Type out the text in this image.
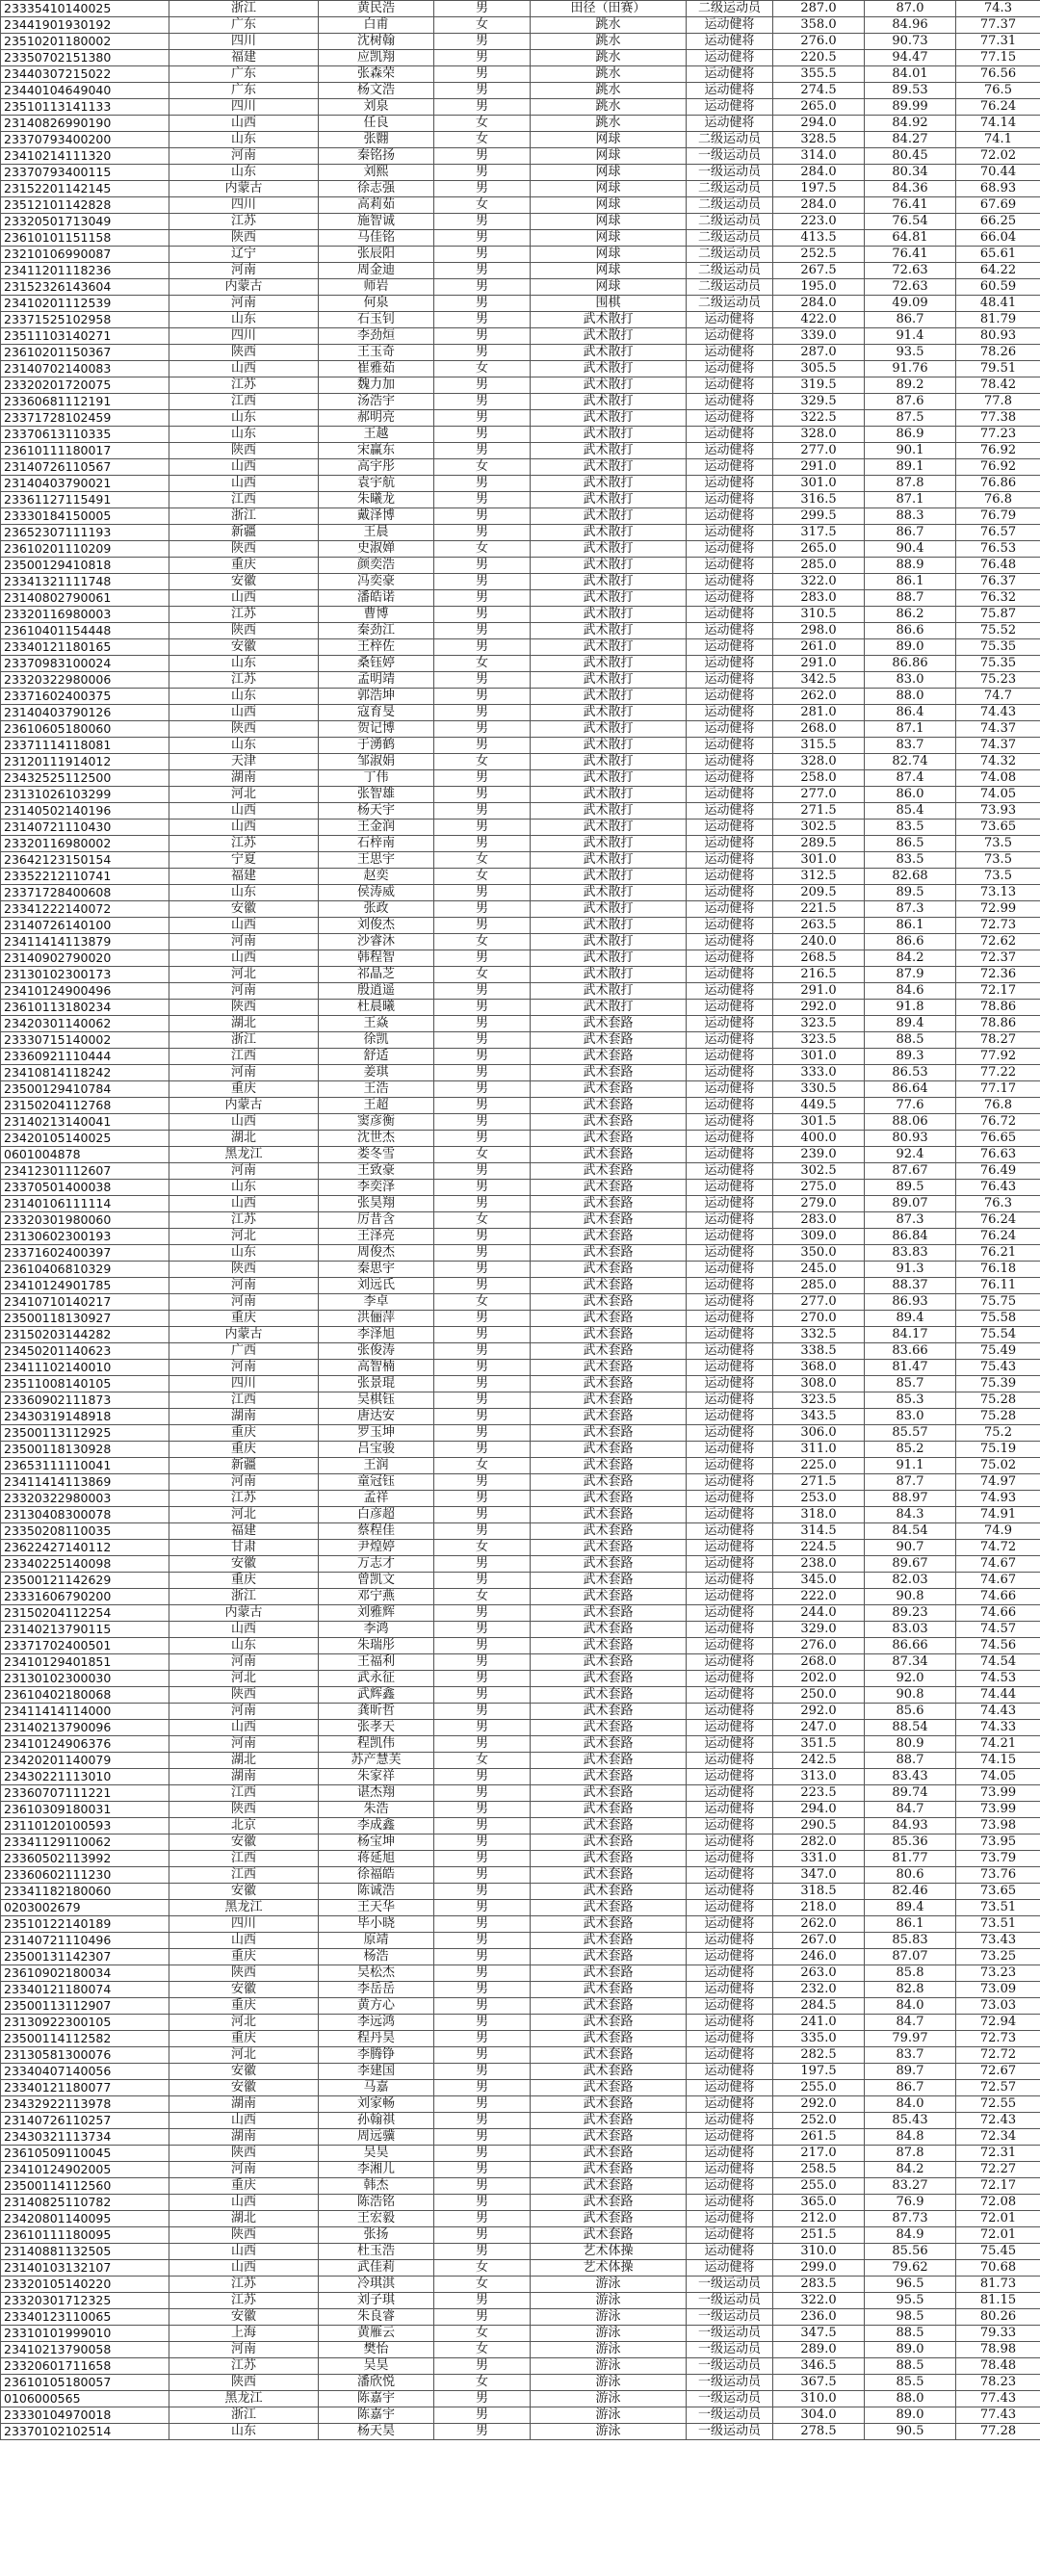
23335410140025	浙江	黄民浩	男	田径（田赛）	二级运动员	287.0	87.0	74.3
23441901930192	广东	白甫	女	跳水	运动健将	358.0	84.96	77.37
23510201180002	四川	沈树翰	男	跳水	运动健将	276.0	90.73	77.31
23350702151380	福建	应凯翔	男	跳水	运动健将	220.5	94.47	77.15
23440307215022	广东	张森荣	男	跳水	运动健将	355.5	84.01	76.56
23440104649040	广东	杨文浩	男	跳水	运动健将	274.5	89.53	76.5
23510113141133	四川	刘泉	男	跳水	运动健将	265.0	89.99	76.24
23140826990190	山西	任良	女	跳水	运动健将	294.0	84.92	74.14
23370793400200	山东	张翾	女	网球	二级运动员	328.5	84.27	74.1
23410214111320	河南	秦铭扬	男	网球	一级运动员	314.0	80.45	72.02
23370793400115	山东	刘熙	男	网球	一级运动员	284.0	80.34	70.44
23152201142145	内蒙古	徐志强	男	网球	二级运动员	197.5	84.36	68.93
23512101142828	四川	高莉茹	女	网球	二级运动员	284.0	76.41	67.69
23320501713049	江苏	施智诚	男	网球	二级运动员	223.0	76.54	66.25
23610101151158	陕西	马佳铭	男	网球	二级运动员	413.5	64.81	66.04
23210106990087	辽宁	张辰阳	男	网球	二级运动员	252.5	76.41	65.61
23411201118236	河南	周金迪	男	网球	二级运动员	267.5	72.63	64.22
23152326143604	内蒙古	师岩	男	网球	二级运动员	195.0	72.63	60.59
23410201112539	河南	何泉	男	围棋	二级运动员	284.0	49.09	48.41
23371525102958	山东	石玉钊	男	武术散打	运动健将	422.0	86.7	81.79
23511103140271	四川	李劲烜	男	武术散打	运动健将	339.0	91.4	80.93
23610201150367	陕西	王玉奇	男	武术散打	运动健将	287.0	93.5	78.26
23140702140083	山西	崔雅茹	女	武术散打	运动健将	305.5	91.76	79.51
23320201720075	江苏	魏力加	男	武术散打	运动健将	319.5	89.2	78.42
23360681112191	江西	汤浩宇	男	武术散打	运动健将	329.5	87.6	77.8
23371728102459	山东	郝明亮	男	武术散打	运动健将	322.5	87.5	77.38
23370613110335	山东	王越	男	武术散打	运动健将	328.0	86.9	77.23
23610111180017	陕西	宋赢东	男	武术散打	运动健将	277.0	90.1	76.92
23140726110567	山西	高宇彤	女	武术散打	运动健将	291.0	89.1	76.92
23140403790021	山西	袁宇航	男	武术散打	运动健将	301.0	87.8	76.86
23361127115491	江西	朱曦龙	男	武术散打	运动健将	316.5	87.1	76.8
23330184150005	浙江	戴泽博	男	武术散打	运动健将	299.5	88.3	76.79
23652307111193	新疆	王晨	男	武术散打	运动健将	317.5	86.7	76.57
23610201110209	陕西	史淑婵	女	武术散打	运动健将	265.0	90.4	76.53
23500129410818	重庆	颜奕浩	男	武术散打	运动健将	285.0	88.9	76.48
23341321111748	安徽	冯奕豪	男	武术散打	运动健将	322.0	86.1	76.37
23140802790061	山西	潘皓诺	男	武术散打	运动健将	283.0	88.7	76.32
23320116980003	江苏	曹博	男	武术散打	运动健将	310.5	86.2	75.87
23610401154448	陕西	秦劲江	男	武术散打	运动健将	298.0	86.6	75.52
23340121180165	安徽	王梓佐	男	武术散打	运动健将	261.0	89.0	75.35
23370983100024	山东	桑钰婷	女	武术散打	运动健将	291.0	86.86	75.35
23320322980006	江苏	孟明靖	男	武术散打	运动健将	342.5	83.0	75.23
23371602400375	山东	郭浩坤	男	武术散打	运动健将	262.0	88.0	74.7
23140403790126	山西	寇育旻	男	武术散打	运动健将	281.0	86.4	74.43
23610605180060	陕西	贺记博	男	武术散打	运动健将	268.0	87.1	74.37
23371114118081	山东	于湧鹤	男	武术散打	运动健将	315.5	83.7	74.37
23120111914012	天津	邹淑娟	女	武术散打	运动健将	328.0	82.74	74.32
23432525112500	湖南	丁伟	男	武术散打	运动健将	258.0	87.4	74.08
23131026103299	河北	张智雄	男	武术散打	运动健将	277.0	86.0	74.05
23140502140196	山西	杨天宇	男	武术散打	运动健将	271.5	85.4	73.93
23140721110430	山西	王金润	男	武术散打	运动健将	302.5	83.5	73.65
23320116980002	江苏	石梓南	男	武术散打	运动健将	289.5	86.5	73.5
23642123150154	宁夏	王思宇	女	武术散打	运动健将	301.0	83.5	73.5
23352212110741	福建	赵奕	女	武术散打	运动健将	312.5	82.68	73.5
23371728400608	山东	侯涛威	男	武术散打	运动健将	209.5	89.5	73.13
23341222140072	安徽	张政	男	武术散打	运动健将	221.5	87.3	72.99
23140726140100	山西	刘俊杰	男	武术散打	运动健将	263.5	86.1	72.73
23411414113879	河南	沙睿沐	女	武术散打	运动健将	240.0	86.6	72.62
23140902790020	山西	韩程智	男	武术散打	运动健将	268.5	84.2	72.37
23130102300173	河北	祁晶芝	女	武术散打	运动健将	216.5	87.9	72.36
23410124900496	河南	殷逍遥	男	武术散打	运动健将	291.0	84.6	72.17
23610113180234	陕西	杜晨曦	男	武术散打	运动健将	292.0	91.8	78.86
23420301140062	湖北	王焱	男	武术套路	运动健将	323.5	89.4	78.86
23330715140002	浙江	徐凯	男	武术套路	运动健将	323.5	88.5	78.27
23360921110444	江西	舒适	男	武术套路	运动健将	301.0	89.3	77.92
23410814118242	河南	姜琪	男	武术套路	运动健将	333.0	86.53	77.22
23500129410784	重庆	王浩	男	武术套路	运动健将	330.5	86.64	77.17
23150204112768	内蒙古	王超	男	武术套路	运动健将	449.5	77.6	76.8
23140213140041	山西	窦彦衡	男	武术套路	运动健将	301.5	88.06	76.72
23420105140025	湖北	沈世杰	男	武术套路	运动健将	400.0	80.93	76.65
0601004878	黑龙江	娄冬雪	女	武术套路	运动健将	239.0	92.4	76.63
23412301112607	河南	王致豪	男	武术套路	运动健将	302.5	87.67	76.49
23370501400038	山东	李奕泽	男	武术套路	运动健将	275.0	89.5	76.43
23140106111114	山西	张昊翔	男	武术套路	运动健将	279.0	89.07	76.3
23320301980060	江苏	厉昔含	女	武术套路	运动健将	283.0	87.3	76.24
23130602300193	河北	王泽亮	男	武术套路	运动健将	309.0	86.84	76.24
23371602400397	山东	周俊杰	男	武术套路	运动健将	350.0	83.83	76.21
23610406810329	陕西	秦思宇	男	武术套路	运动健将	245.0	91.3	76.18
23410124901785	河南	刘远氏	男	武术套路	运动健将	285.0	88.37	76.11
23410710140217	河南	李卓	女	武术套路	运动健将	277.0	86.93	75.75
23500118130927	重庆	洪俪萍	男	武术套路	运动健将	270.0	89.4	75.58
23150203144282	内蒙古	李泽旭	男	武术套路	运动健将	332.5	84.17	75.54
23450201140623	广西	张俊涛	男	武术套路	运动健将	338.5	83.66	75.49
23411102140010	河南	高智楠	男	武术套路	运动健将	368.0	81.47	75.43
23511008140105	四川	张景琨	男	武术套路	运动健将	308.0	85.7	75.39
23360902111873	江西	吴棋钰	男	武术套路	运动健将	323.5	85.3	75.28
23430319148918	湖南	唐达安	男	武术套路	运动健将	343.5	83.0	75.28
23500113112925	重庆	罗玉坤	男	武术套路	运动健将	306.0	85.57	75.2
23500118130928	重庆	吕宝骏	男	武术套路	运动健将	311.0	85.2	75.19
23653111110041	新疆	王润	女	武术套路	运动健将	225.0	91.1	75.02
23411414113869	河南	童冠钰	男	武术套路	运动健将	271.5	87.7	74.97
23320322980003	江苏	孟祥	男	武术套路	运动健将	253.0	88.97	74.93
23130408300078	河北	白彦超	男	武术套路	运动健将	318.0	84.3	74.91
23350208110035	福建	蔡程佳	男	武术套路	运动健将	314.5	84.54	74.9
23622427140112	甘肃	尹煌婷	女	武术套路	运动健将	224.5	90.7	74.72
23340225140098	安徽	万志才	男	武术套路	运动健将	238.0	89.67	74.67
23500121142629	重庆	曾凯文	男	武术套路	运动健将	345.0	82.03	74.67
23331606790200	浙江	邓宁燕	女	武术套路	运动健将	222.0	90.8	74.66
23150204112254	内蒙古	刘雅辉	男	武术套路	运动健将	244.0	89.23	74.66
23140213790115	山西	李鸿	男	武术套路	运动健将	329.0	83.03	74.57
23371702400501	山东	朱瑞彤	男	武术套路	运动健将	276.0	86.66	74.56
23410129401851	河南	王福利	男	武术套路	运动健将	268.0	87.34	74.54
23130102300030	河北	武永征	男	武术套路	运动健将	202.0	92.0	74.53
23610402180068	陕西	武辉鑫	男	武术套路	运动健将	250.0	90.8	74.44
23411414114000	河南	龚昕哲	男	武术套路	运动健将	292.0	85.6	74.43
23140213790096	山西	张孝天	男	武术套路	运动健将	247.0	88.54	74.33
23410124906376	河南	程凯伟	男	武术套路	运动健将	351.5	80.9	74.21
23420201140079	湖北	苏产慧芙	女	武术套路	运动健将	242.5	88.7	74.15
23430221113010	湖南	朱家祥	男	武术套路	运动健将	313.0	83.43	74.05
23360707111221	江西	谌杰翔	男	武术套路	运动健将	223.5	89.74	73.99
23610309180031	陕西	朱浩	男	武术套路	运动健将	294.0	84.7	73.99
23110120100593	北京	李成鑫	男	武术套路	运动健将	290.5	84.93	73.98
23341129110062	安徽	杨宝坤	男	武术套路	运动健将	282.0	85.36	73.95
23360502113992	江西	蒋延旭	男	武术套路	运动健将	331.0	81.77	73.79
23360602111230	江西	徐福皓	男	武术套路	运动健将	347.0	80.6	73.76
23341182180060	安徽	陈诚浩	男	武术套路	运动健将	318.5	82.46	73.65
0203002679	黑龙江	王天华	男	武术套路	运动健将	218.0	89.4	73.51
23510122140189	四川	毕小晓	男	武术套路	运动健将	262.0	86.1	73.51
23140721110496	山西	原靖	男	武术套路	运动健将	267.0	85.83	73.43
23500131142307	重庆	杨浩	男	武术套路	运动健将	246.0	87.07	73.25
23610902180034	陕西	吴松杰	男	武术套路	运动健将	263.0	85.8	73.23
23340121180074	安徽	李岳岳	男	武术套路	运动健将	232.0	82.8	73.09
23500113112907	重庆	黄方心	男	武术套路	运动健将	284.5	84.0	73.03
23130922300105	河北	李远鸿	男	武术套路	运动健将	241.0	84.7	72.94
23500114112582	重庆	程丹昊	男	武术套路	运动健将	335.0	79.97	72.73
23130581300076	河北	李腾铮	男	武术套路	运动健将	282.5	83.7	72.72
23340407140056	安徽	李建国	男	武术套路	运动健将	197.5	89.7	72.67
23340121180077	安徽	马嘉	男	武术套路	运动健将	255.0	86.7	72.57
23432922113978	湖南	刘家畅	男	武术套路	运动健将	292.0	84.0	72.55
23140726110257	山西	孙翰祺	男	武术套路	运动健将	252.0	85.43	72.43
23430321113734	湖南	周远骥	男	武术套路	运动健将	261.5	84.8	72.34
23610509110045	陕西	吴昊	男	武术套路	运动健将	217.0	87.8	72.31
23410124902005	河南	李湘儿	男	武术套路	运动健将	258.5	84.2	72.27
23500114112560	重庆	韩杰	男	武术套路	运动健将	255.0	83.27	72.17
23140825110782	山西	陈浩铭	男	武术套路	运动健将	365.0	76.9	72.08
23420801140095	湖北	王宏毅	男	武术套路	运动健将	212.0	87.73	72.01
23610111180095	陕西	张扬	男	武术套路	运动健将	251.5	84.9	72.01
23140881132505	山西	杜玉浩	男	艺术体操	运动健将	310.0	85.56	75.45
23140103132107	山西	武佳莉	女	艺术体操	运动健将	299.0	79.62	70.68
23320105140220	江苏	冷琪淇	女	游泳	一级运动员	283.5	96.5	81.73
23320301712325	江苏	刘子琪	男	游泳	一级运动员	322.0	95.5	81.15
23340123110065	安徽	朱良睿	男	游泳	一级运动员	236.0	98.5	80.26
23310101999010	上海	黄雁云	女	游泳	一级运动员	347.5	88.5	79.33
23410213790058	河南	樊怡	女	游泳	一级运动员	289.0	89.0	78.98
23320601711658	江苏	吴昊	男	游泳	一级运动员	346.5	88.5	78.48
23610105180057	陕西	潘欣悦	女	游泳	一级运动员	367.5	85.5	78.23
0106000565	黑龙江	陈嘉宇	男	游泳	一级运动员	310.0	88.0	77.43
23330104970018	浙江	陈嘉宇	男	游泳	一级运动员	304.0	89.0	77.43
23370102102514	山东	杨天昊	男	游泳	一级运动员	278.5	90.5	77.28
